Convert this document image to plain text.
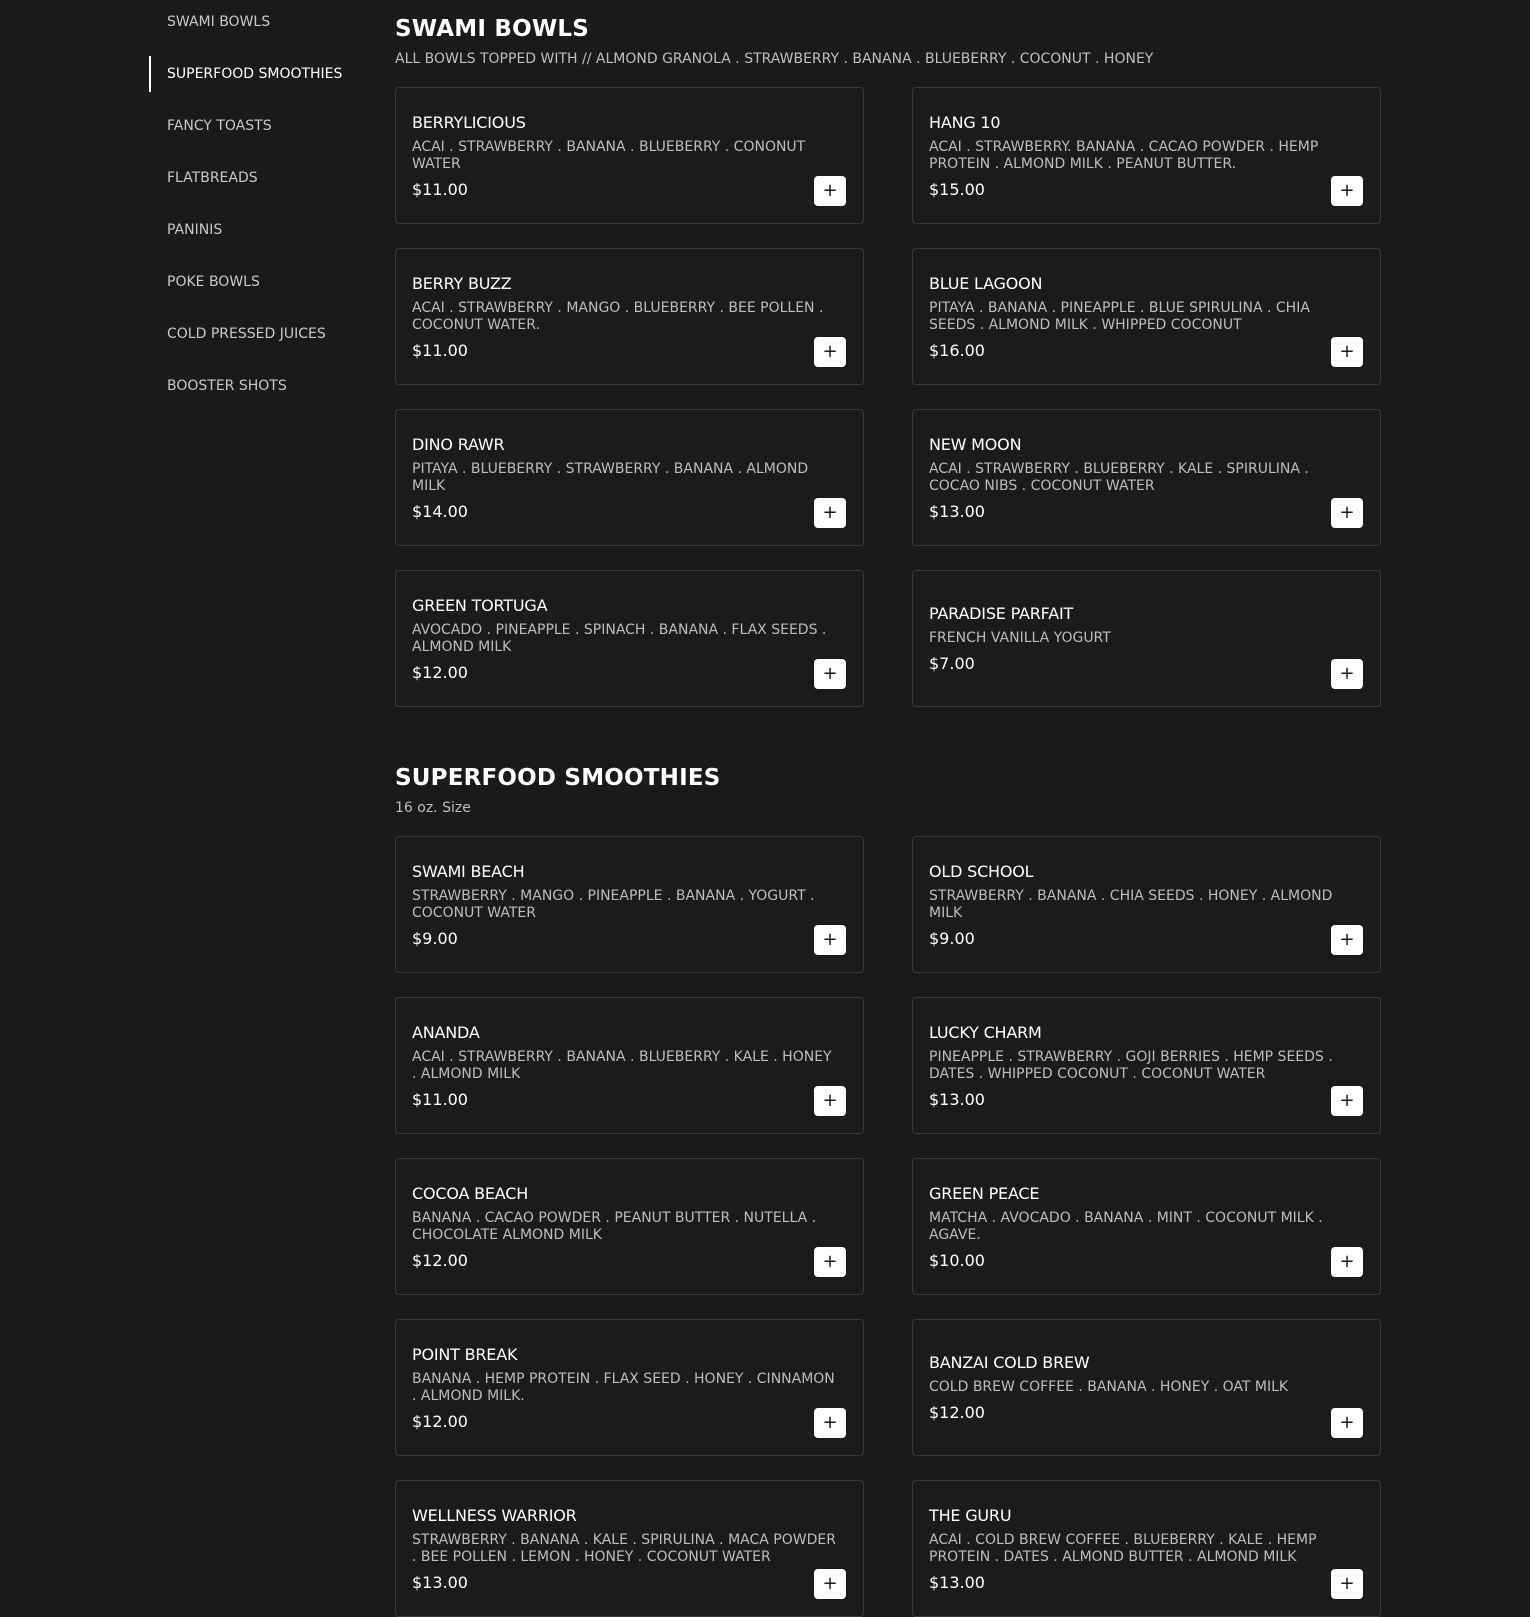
SWAMI BOWLS
SUPERFOOD SMOOTHIES
FANCY TOASTS
FLATBREADS
PANINIS
POKE BOWLS
COLD PRESSED JUICES
BOOSTER SHOTS
SWAMI BOWLS
ALL BOWLS TOPPED WITH // ALMOND GRANOLA . STRAWBERRY . BANANA . BLUEBERRY . COCONUT . HONEY
BERRYLICIOUS
ACAI . STRAWBERRY . BANANA . BLUEBERRY . CONONUT WATER
$11.00	+
HANG 10
ACAI . STRAWBERRY. BANANA . CACAO POWDER . HEMP PROTEIN . ALMOND MILK . PEANUT BUTTER.
$15.00	+
BERRY BUZZ
ACAI . STRAWBERRY . MANGO . BLUEBERRY . BEE POLLEN . COCONUT WATER.
$11.00	+
BLUE LAGOON
PITAYA . BANANA . PINEAPPLE . BLUE SPIRULINA . CHIA SEEDS . ALMOND MILK . WHIPPED COCONUT
$16.00	+
DINO RAWR
PITAYA . BLUEBERRY . STRAWBERRY . BANANA . ALMOND MILK
$14.00	+
NEW MOON
ACAI . STRAWBERRY . BLUEBERRY . KALE . SPIRULINA . COCAO NIBS . COCONUT WATER
$13.00	+
GREEN TORTUGA
AVOCADO . PINEAPPLE . SPINACH . BANANA . FLAX SEEDS . ALMOND MILK
$12.00	+
PARADISE PARFAIT
FRENCH VANILLA YOGURT
$7.00	+
SUPERFOOD SMOOTHIES
16 oz. Size
SWAMI BEACH
STRAWBERRY . MANGO . PINEAPPLE . BANANA . YOGURT . COCONUT WATER
$9.00	+
OLD SCHOOL
STRAWBERRY . BANANA . CHIA SEEDS . HONEY . ALMOND MILK
$9.00	+
ANANDA
ACAI . STRAWBERRY . BANANA . BLUEBERRY . KALE . HONEY . ALMOND MILK
$11.00	+
LUCKY CHARM
PINEAPPLE . STRAWBERRY . GOJI BERRIES . HEMP SEEDS . DATES . WHIPPED COCONUT . COCONUT WATER
$13.00	+
COCOA BEACH
BANANA . CACAO POWDER . PEANUT BUTTER . NUTELLA . CHOCOLATE ALMOND MILK
$12.00	+
GREEN PEACE
MATCHA . AVOCADO . BANANA . MINT . COCONUT MILK . AGAVE.
$10.00	+
POINT BREAK
BANANA . HEMP PROTEIN . FLAX SEED . HONEY . CINNAMON . ALMOND MILK.
$12.00	+
BANZAI COLD BREW
COLD BREW COFFEE . BANANA . HONEY . OAT MILK
$12.00	+
WELLNESS WARRIOR
STRAWBERRY . BANANA . KALE . SPIRULINA . MACA POWDER . BEE POLLEN . LEMON . HONEY . COCONUT WATER
$13.00	+
THE GURU
ACAI . COLD BREW COFFEE . BLUEBERRY . KALE . HEMP PROTEIN . DATES . ALMOND BUTTER . ALMOND MILK
$13.00	+
